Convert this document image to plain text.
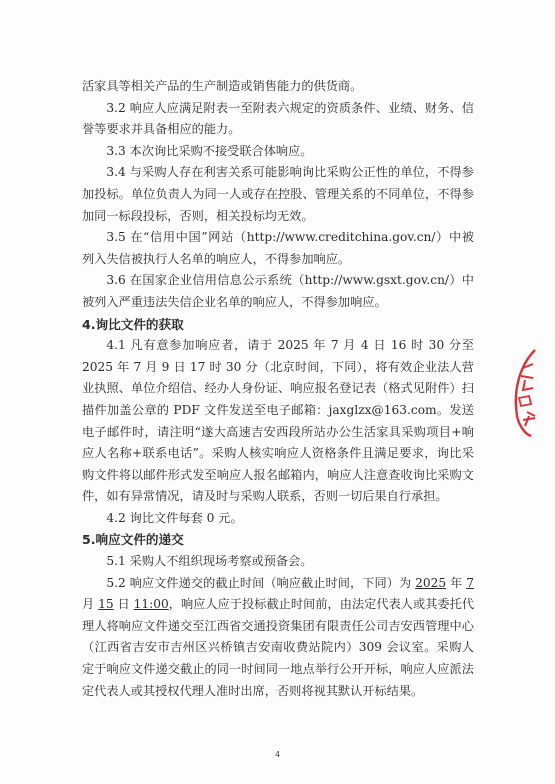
活家具等相关产品的生产制造或销售能力的供货商。

3.2 响应人应满足附表一至附表六规定的资质条件、业绩、财务、信誉等要求并具备相应的能力。

3.3 本次询比采购不接受联合体响应。

3.4 与采购人存在利害关系可能影响询比采购公正性的单位，不得参加投标。单位负责人为同一人或存在控股、管理关系的不同单位，不得参加同一标段投标，否则，相关投标均无效。

3.5 在“信用中国”网站（http://www.creditchina.gov.cn/）中被列入失信被执行人名单的响应人，不得参加响应。

3.6 在国家企业信用信息公示系统（http://www.gsxt.gov.cn/）中被列入严重违法失信企业名单的响应人，不得参加响应。

4.询比文件的获取

4.1 凡有意参加响应者，请于 2025 年 7 月 4 日 16 时 30 分至 2025 年 7 月 9 日 17 时 30 分（北京时间，下同），将有效企业法人营业执照、单位介绍信、经办人身份证、响应报名登记表（格式见附件）扫描件加盖公章的 PDF 文件发送至电子邮箱：jaxglzx@163.com。发送电子邮件时，请注明“遂大高速吉安西段所站办公生活家具采购项目+响应人名称+联系电话”。采购人核实响应人资格条件且满足要求，询比采购文件将以邮件形式发至响应人报名邮箱内，响应人注意查收询比采购文件，如有异常情况，请及时与采购人联系，否则一切后果自行承担。

4.2 询比文件每套 0 元。

5.响应文件的递交

5.1 采购人不组织现场考察或预备会。

5.2 响应文件递交的截止时间（响应截止时间，下同）为 2025 年 7 月 15 日 11:00，响应人应于投标截止时间前，由法定代表人或其委托代理人将响应文件递交至江西省交通投资集团有限责任公司吉安西管理中心（江西省吉安市吉州区兴桥镇吉安南收费站院内）309 会议室。采购人定于响应文件递交截止的同一时间同一地点举行公开开标，响应人应派法定代表人或其授权代理人准时出席，否则将视其默认开标结果。

4
